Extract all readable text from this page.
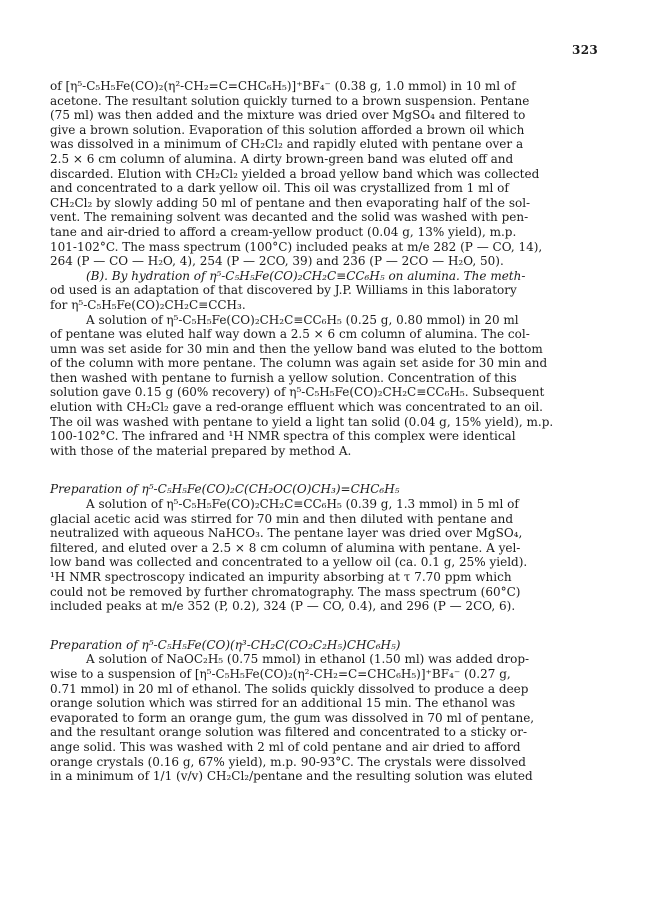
323
of [η⁵-C₅H₅Fe(CO)₂(η²-CH₂=C=CHC₆H₅)]⁺BF₄⁻ (0.38 g, 1.0 mmol) in 10 ml of
acetone. The resultant solution quickly turned to a brown suspension. Pentane
(75 ml) was then added and the mixture was dried over MgSO₄ and filtered to
give a brown solution. Evaporation of this solution afforded a brown oil which
was dissolved in a minimum of CH₂Cl₂ and rapidly eluted with pentane over a
2.5 × 6 cm column of alumina. A dirty brown-green band was eluted off and
discarded. Elution with CH₂Cl₂ yielded a broad yellow band which was collected
and concentrated to a dark yellow oil. This oil was crystallized from 1 ml of
CH₂Cl₂ by slowly adding 50 ml of pentane and then evaporating half of the sol-
vent. The remaining solvent was decanted and the solid was washed with pen-
tane and air-dried to afford a cream-yellow product (0.04 g, 13% yield), m.p.
101-102°C. The mass spectrum (100°C) included peaks at m/e 282 (P — CO, 14),
264 (P — CO — H₂O, 4), 254 (P — 2CO, 39) and 236 (P — 2CO — H₂O, 50).
(B). By hydration of η⁵-C₅H₅Fe(CO)₂CH₂C≡CC₆H₅ on alumina. The meth-
od used is an adaptation of that discovered by J.P. Williams in this laboratory
for η⁵-C₅H₅Fe(CO)₂CH₂C≡CCH₃.
A solution of η⁵-C₅H₅Fe(CO)₂CH₂C≡CC₆H₅ (0.25 g, 0.80 mmol) in 20 ml
of pentane was eluted half way down a 2.5 × 6 cm column of alumina. The col-
umn was set aside for 30 min and then the yellow band was eluted to the bottom
of the column with more pentane. The column was again set aside for 30 min and
then washed with pentane to furnish a yellow solution. Concentration of this
solution gave 0.15 g (60% recovery) of η⁵-C₅H₅Fe(CO)₂CH₂C≡CC₆H₅. Subsequent
elution with CH₂Cl₂ gave a red-orange effluent which was concentrated to an oil.
The oil was washed with pentane to yield a light tan solid (0.04 g, 15% yield), m.p.
100-102°C. The infrared and ¹H NMR spectra of this complex were identical
with those of the material prepared by method A.
Preparation of η⁵-C₅H₅Fe(CO)₂C(CH₂OC(O)CH₃)=CHC₆H₅
A solution of η⁵-C₅H₅Fe(CO)₂CH₂C≡CC₆H₅ (0.39 g, 1.3 mmol) in 5 ml of
glacial acetic acid was stirred for 70 min and then diluted with pentane and
neutralized with aqueous NaHCO₃. The pentane layer was dried over MgSO₄,
filtered, and eluted over a 2.5 × 8 cm column of alumina with pentane. A yel-
low band was collected and concentrated to a yellow oil (ca. 0.1 g, 25% yield).
¹H NMR spectroscopy indicated an impurity absorbing at τ 7.70 ppm which
could not be removed by further chromatography. The mass spectrum (60°C)
included peaks at m/e 352 (P, 0.2), 324 (P — CO, 0.4), and 296 (P — 2CO, 6).
Preparation of η⁵-C₅H₅Fe(CO)(η³-CH₂C(CO₂C₂H₅)CHC₆H₅)
A solution of NaOC₂H₅ (0.75 mmol) in ethanol (1.50 ml) was added drop-
wise to a suspension of [η⁵-C₅H₅Fe(CO)₂(η²-CH₂=C=CHC₆H₅)]⁺BF₄⁻ (0.27 g,
0.71 mmol) in 20 ml of ethanol. The solids quickly dissolved to produce a deep
orange solution which was stirred for an additional 15 min. The ethanol was
evaporated to form an orange gum, the gum was dissolved in 70 ml of pentane,
and the resultant orange solution was filtered and concentrated to a sticky or-
ange solid. This was washed with 2 ml of cold pentane and air dried to afford
orange crystals (0.16 g, 67% yield), m.p. 90-93°C. The crystals were dissolved
in a minimum of 1/1 (v/v) CH₂Cl₂/pentane and the resulting solution was eluted
